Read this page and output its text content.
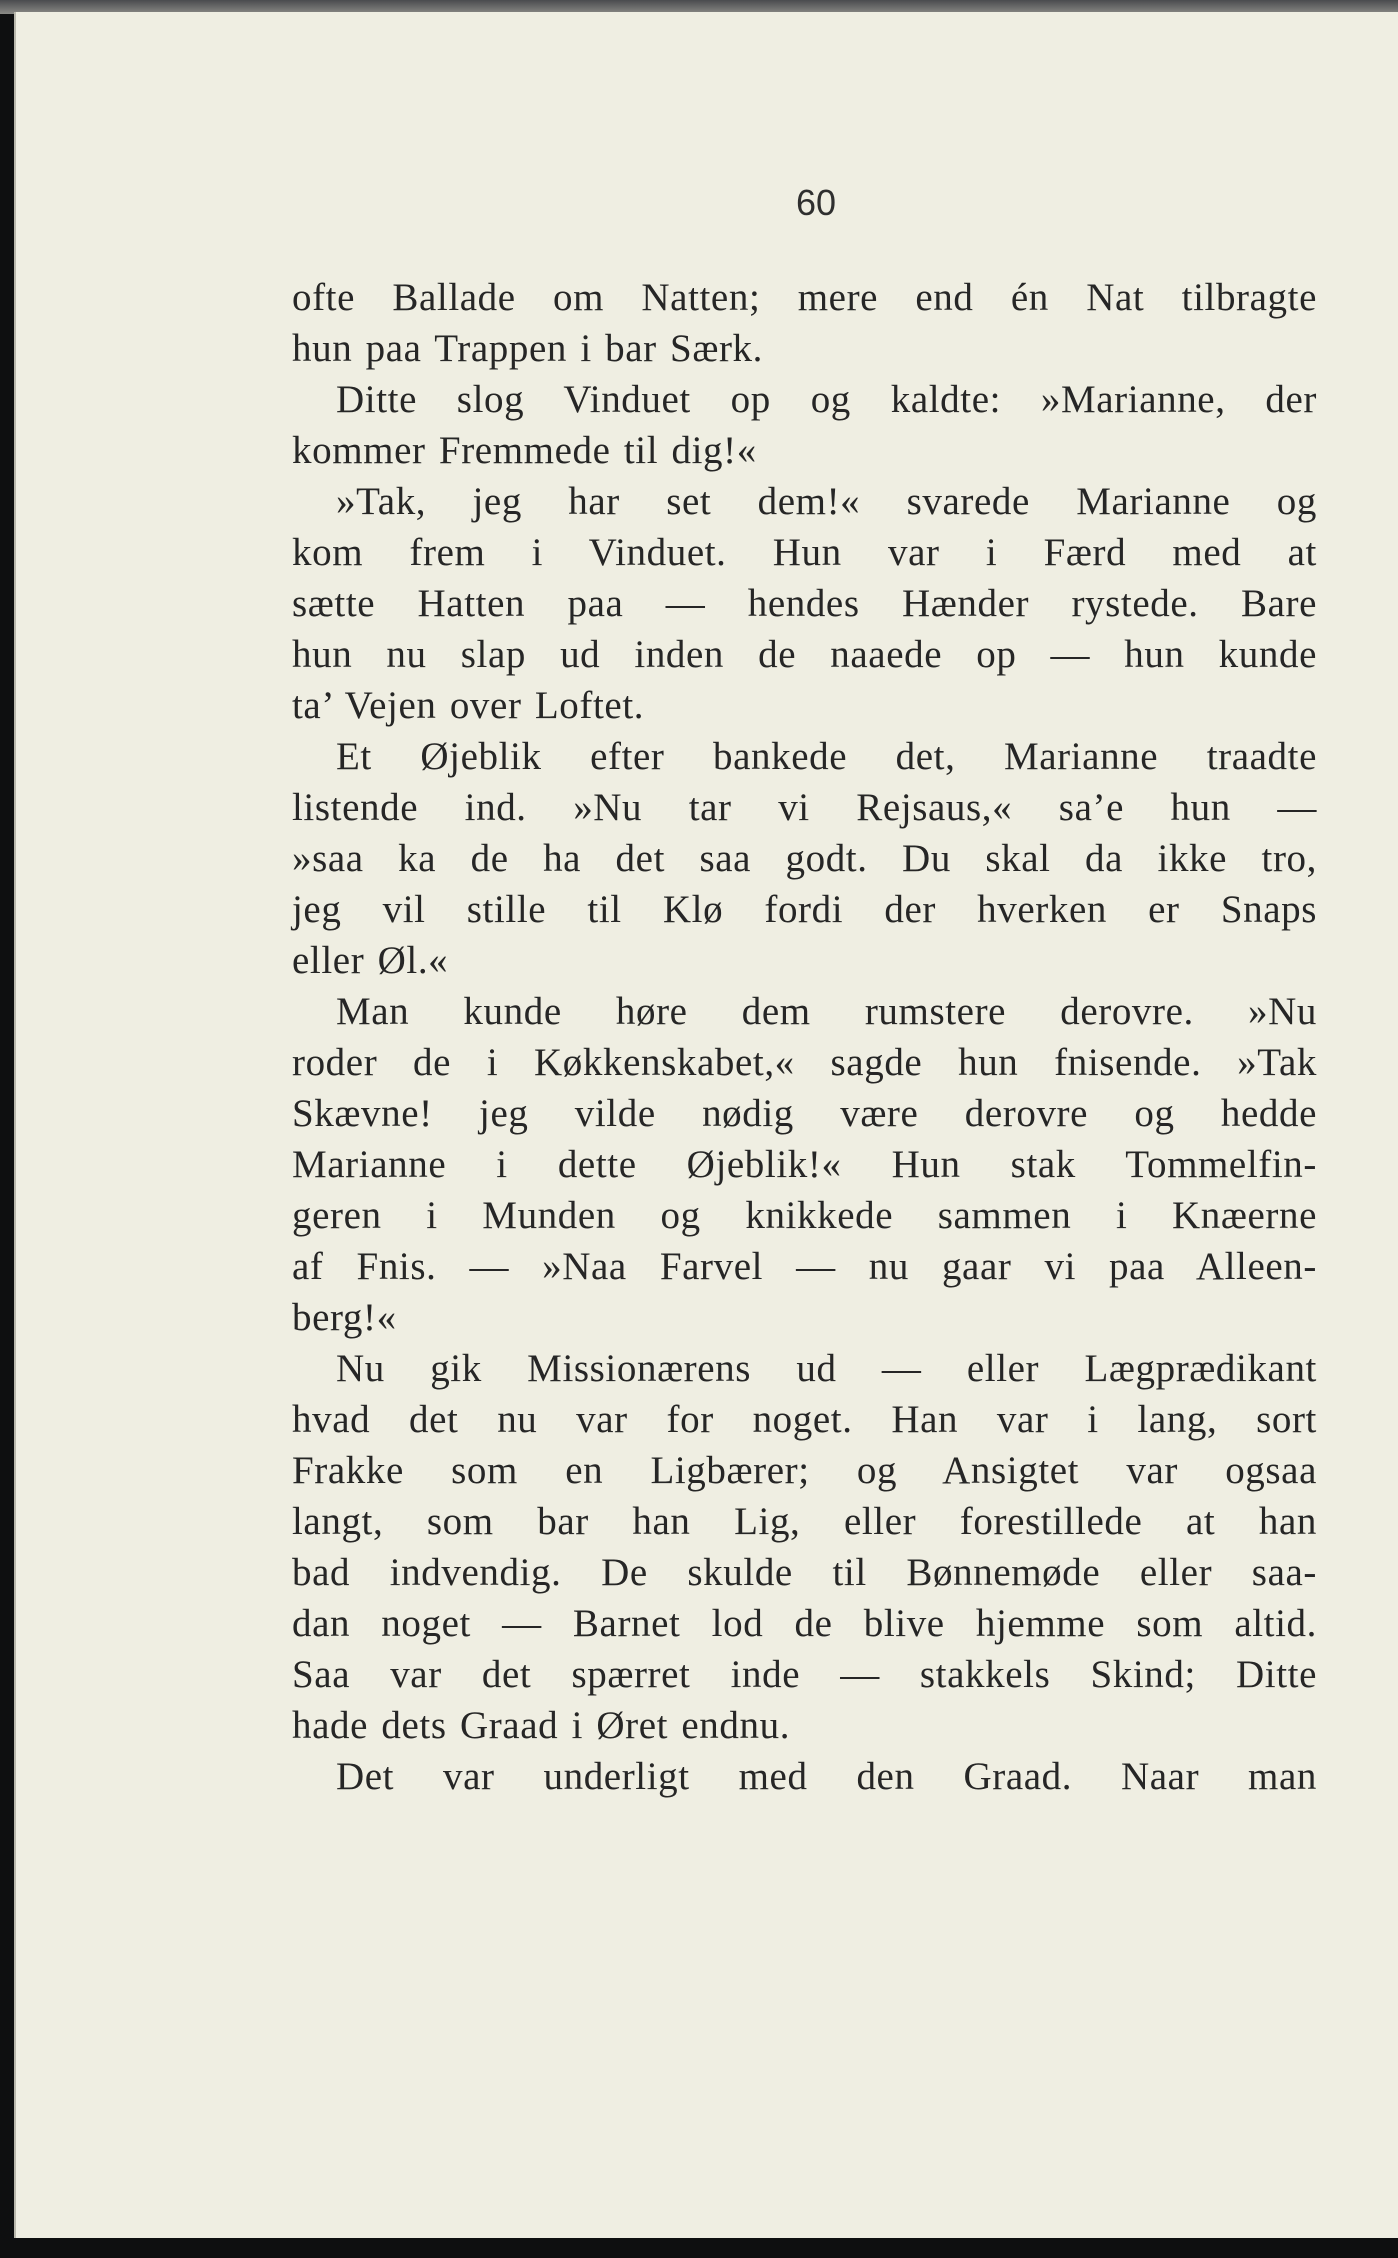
60
ofte Ballade om Natten; mere end én Nat tilbragte
hun paa Trappen i bar Særk.
Ditte slog Vinduet op og kaldte: »Marianne, der
kommer Fremmede til dig!«
»Tak, jeg har set dem!« svarede Marianne og
kom frem i Vinduet. Hun var i Færd med at
sætte Hatten paa — hendes Hænder rystede. Bare
hun nu slap ud inden de naaede op — hun kunde
ta’ Vejen over Loftet.
Et Øjeblik efter bankede det, Marianne traadte
listende ind. »Nu tar vi Rejsaus,« sa’e hun —
»saa ka de ha det saa godt. Du skal da ikke tro,
jeg vil stille til Klø fordi der hverken er Snaps
eller Øl.«
Man kunde høre dem rumstere derovre. »Nu
roder de i Køkkenskabet,« sagde hun fnisende. »Tak
Skævne! jeg vilde nødig være derovre og hedde
Marianne i dette Øjeblik!« Hun stak Tommelfin-
geren i Munden og knikkede sammen i Knæerne
af Fnis. — »Naa Farvel — nu gaar vi paa Alleen-
berg!«
Nu gik Missionærens ud — eller Lægprædikant
hvad det nu var for noget. Han var i lang, sort
Frakke som en Ligbærer; og Ansigtet var ogsaa
langt, som bar han Lig, eller forestillede at han
bad indvendig. De skulde til Bønnemøde eller saa-
dan noget — Barnet lod de blive hjemme som altid.
Saa var det spærret inde — stakkels Skind; Ditte
hade dets Graad i Øret endnu.
Det var underligt med den Graad. Naar man
